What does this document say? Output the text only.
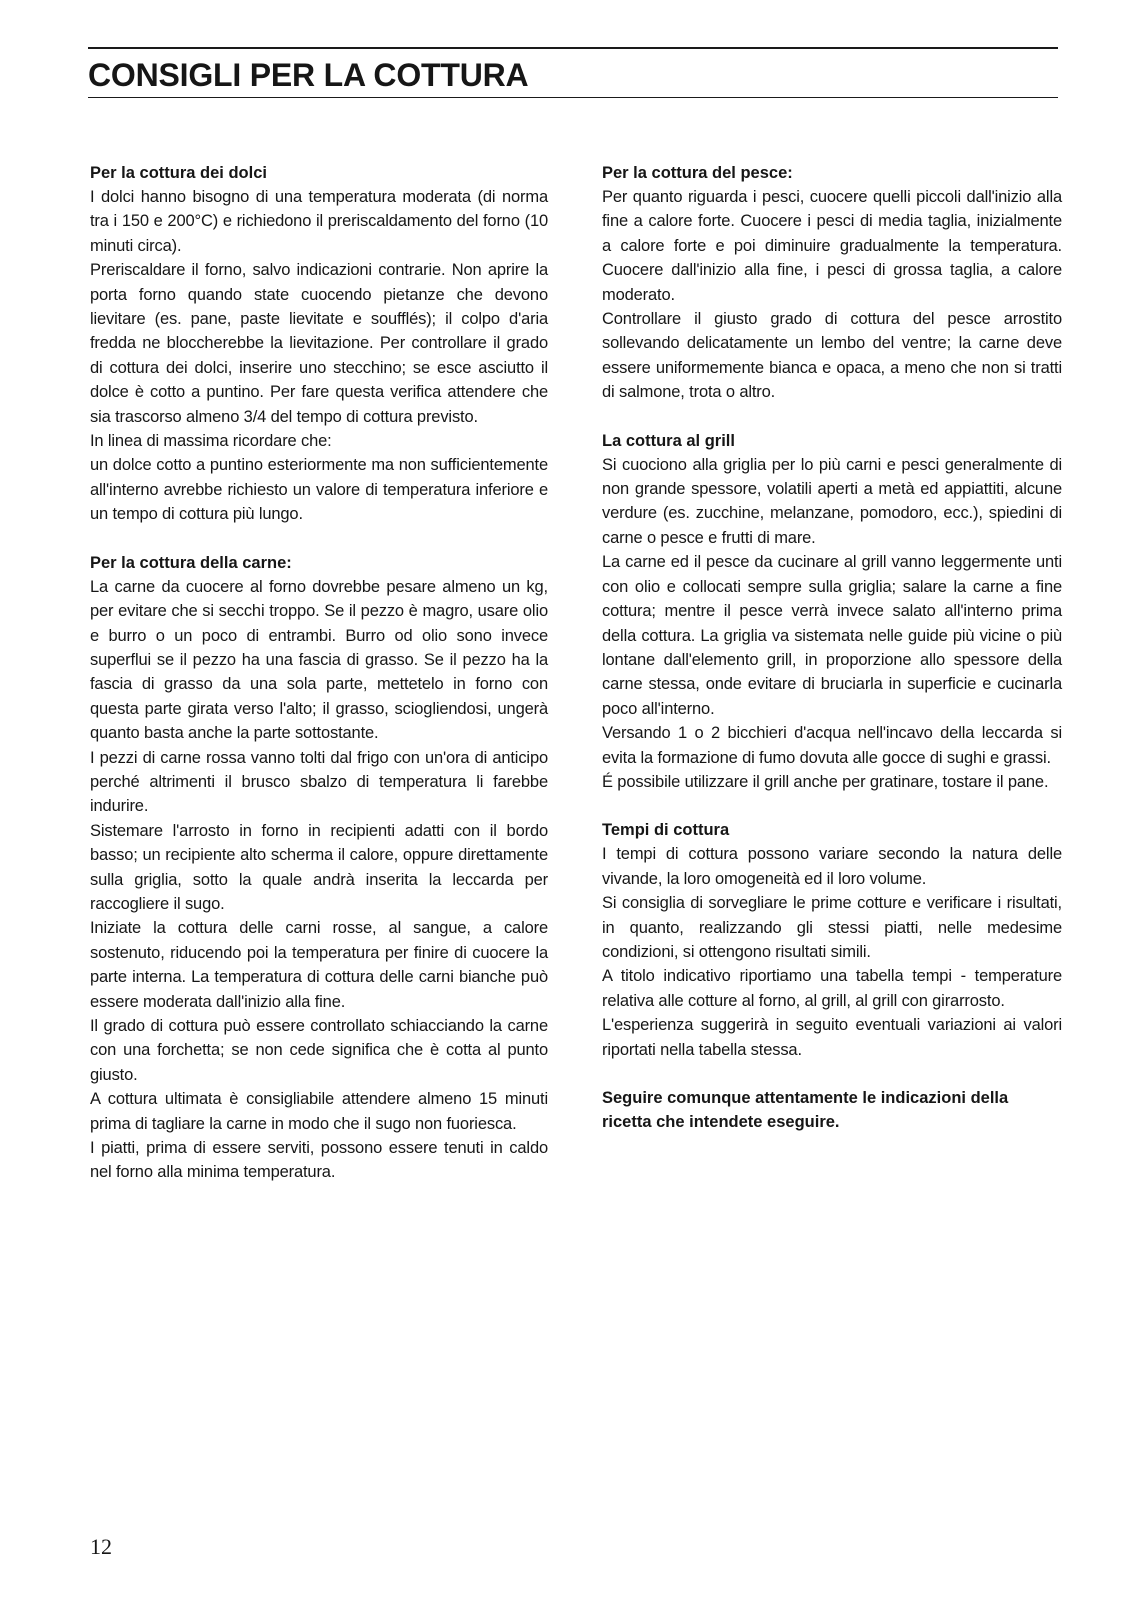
CONSIGLI PER LA COTTURA

Per la cottura dei dolci

I dolci hanno bisogno di una temperatura moderata (di norma tra i 150 e 200°C) e richiedono il preriscaldamento del forno (10 minuti circa).

Preriscaldare il forno, salvo indicazioni contrarie. Non aprire la porta forno quando state cuocendo pietanze che devono lievitare (es. pane, paste lievitate e soufflés); il colpo d'aria fredda ne bloccherebbe la lievitazione. Per controllare il grado di cottura dei dolci, inserire uno stecchino; se esce asciutto il dolce è cotto a puntino. Per fare questa verifica attendere che sia trascorso almeno 3/4 del tempo di cottura previsto.

In linea di massima ricordare che:

un dolce cotto a puntino esteriormente ma non sufficientemente all'interno avrebbe richiesto un valore di temperatura inferiore e un tempo di cottura più lungo.

Per la cottura della carne:

La carne da cuocere al forno dovrebbe pesare almeno un kg, per evitare che si secchi troppo. Se il pezzo è magro, usare olio e burro o un poco di entrambi. Burro od olio sono invece superflui se il pezzo ha una fascia di grasso. Se il pezzo ha la fascia di grasso da una sola parte, mettetelo in forno con questa parte girata verso l'alto; il grasso, sciogliendosi, ungerà quanto basta anche la parte sottostante.

I pezzi di carne rossa vanno tolti dal frigo con un'ora di anticipo perché altrimenti il brusco sbalzo di temperatura li farebbe indurire.

Sistemare l'arrosto in forno in recipienti adatti con il bordo basso; un recipiente alto scherma il calore, oppure direttamente sulla griglia, sotto la quale andrà inserita la leccarda per raccogliere il sugo.

Iniziate la cottura delle carni rosse, al sangue, a calore sostenuto, riducendo poi la temperatura per finire di cuocere la parte interna. La temperatura di cottura delle carni bianche può essere moderata dall'inizio alla fine.

Il grado di cottura può essere controllato schiacciando la carne con una forchetta; se non cede significa che è cotta al punto giusto.

A cottura ultimata è consigliabile attendere almeno 15 minuti prima di tagliare la carne in modo che il sugo non fuoriesca.

I piatti, prima di essere serviti, possono essere tenuti in caldo nel forno alla minima temperatura.

Per la cottura del pesce:

Per quanto riguarda i pesci, cuocere quelli piccoli dall'inizio alla fine a calore forte. Cuocere i pesci di media taglia, inizialmente a calore forte e poi diminuire gradualmente la temperatura. Cuocere dall'inizio alla fine, i pesci di grossa taglia, a calore moderato.

Controllare il giusto grado di cottura del pesce arrostito sollevando delicatamente un lembo del ventre; la carne deve essere uniformemente bianca e opaca, a meno che non si tratti di salmone, trota o altro.

La cottura al grill

Si cuociono alla griglia per lo più carni e pesci generalmente di non grande spessore, volatili aperti a metà ed appiattiti, alcune verdure (es. zucchine, melanzane, pomodoro, ecc.), spiedini di carne o pesce e frutti di mare.

La carne ed il pesce da cucinare al grill vanno leggermente unti con olio e collocati sempre sulla griglia; salare la carne a fine cottura; mentre il pesce verrà invece salato all'interno prima della cottura. La griglia va sistemata nelle guide più vicine o più lontane dall'elemento grill, in proporzione allo spessore della carne stessa, onde evitare di bruciarla in superficie e cucinarla poco all'interno.

Versando 1 o 2 bicchieri d'acqua nell'incavo della leccarda si evita la formazione di fumo dovuta alle gocce di sughi e grassi.

É possibile utilizzare il grill anche per gratinare, tostare il pane.

Tempi di cottura

I tempi di cottura possono variare secondo la natura delle vivande, la loro omogeneità ed il loro volume.

Si consiglia di sorvegliare le prime cotture e verificare i risultati, in quanto, realizzando gli stessi piatti, nelle medesime condizioni, si ottengono risultati simili.

A titolo indicativo riportiamo una tabella tempi - temperature relativa alle cotture al forno, al grill, al grill con girarrosto.

L'esperienza suggerirà in seguito eventuali variazioni ai valori riportati nella tabella stessa.

Seguire comunque attentamente le indicazioni della ricetta che intendete eseguire.

12
